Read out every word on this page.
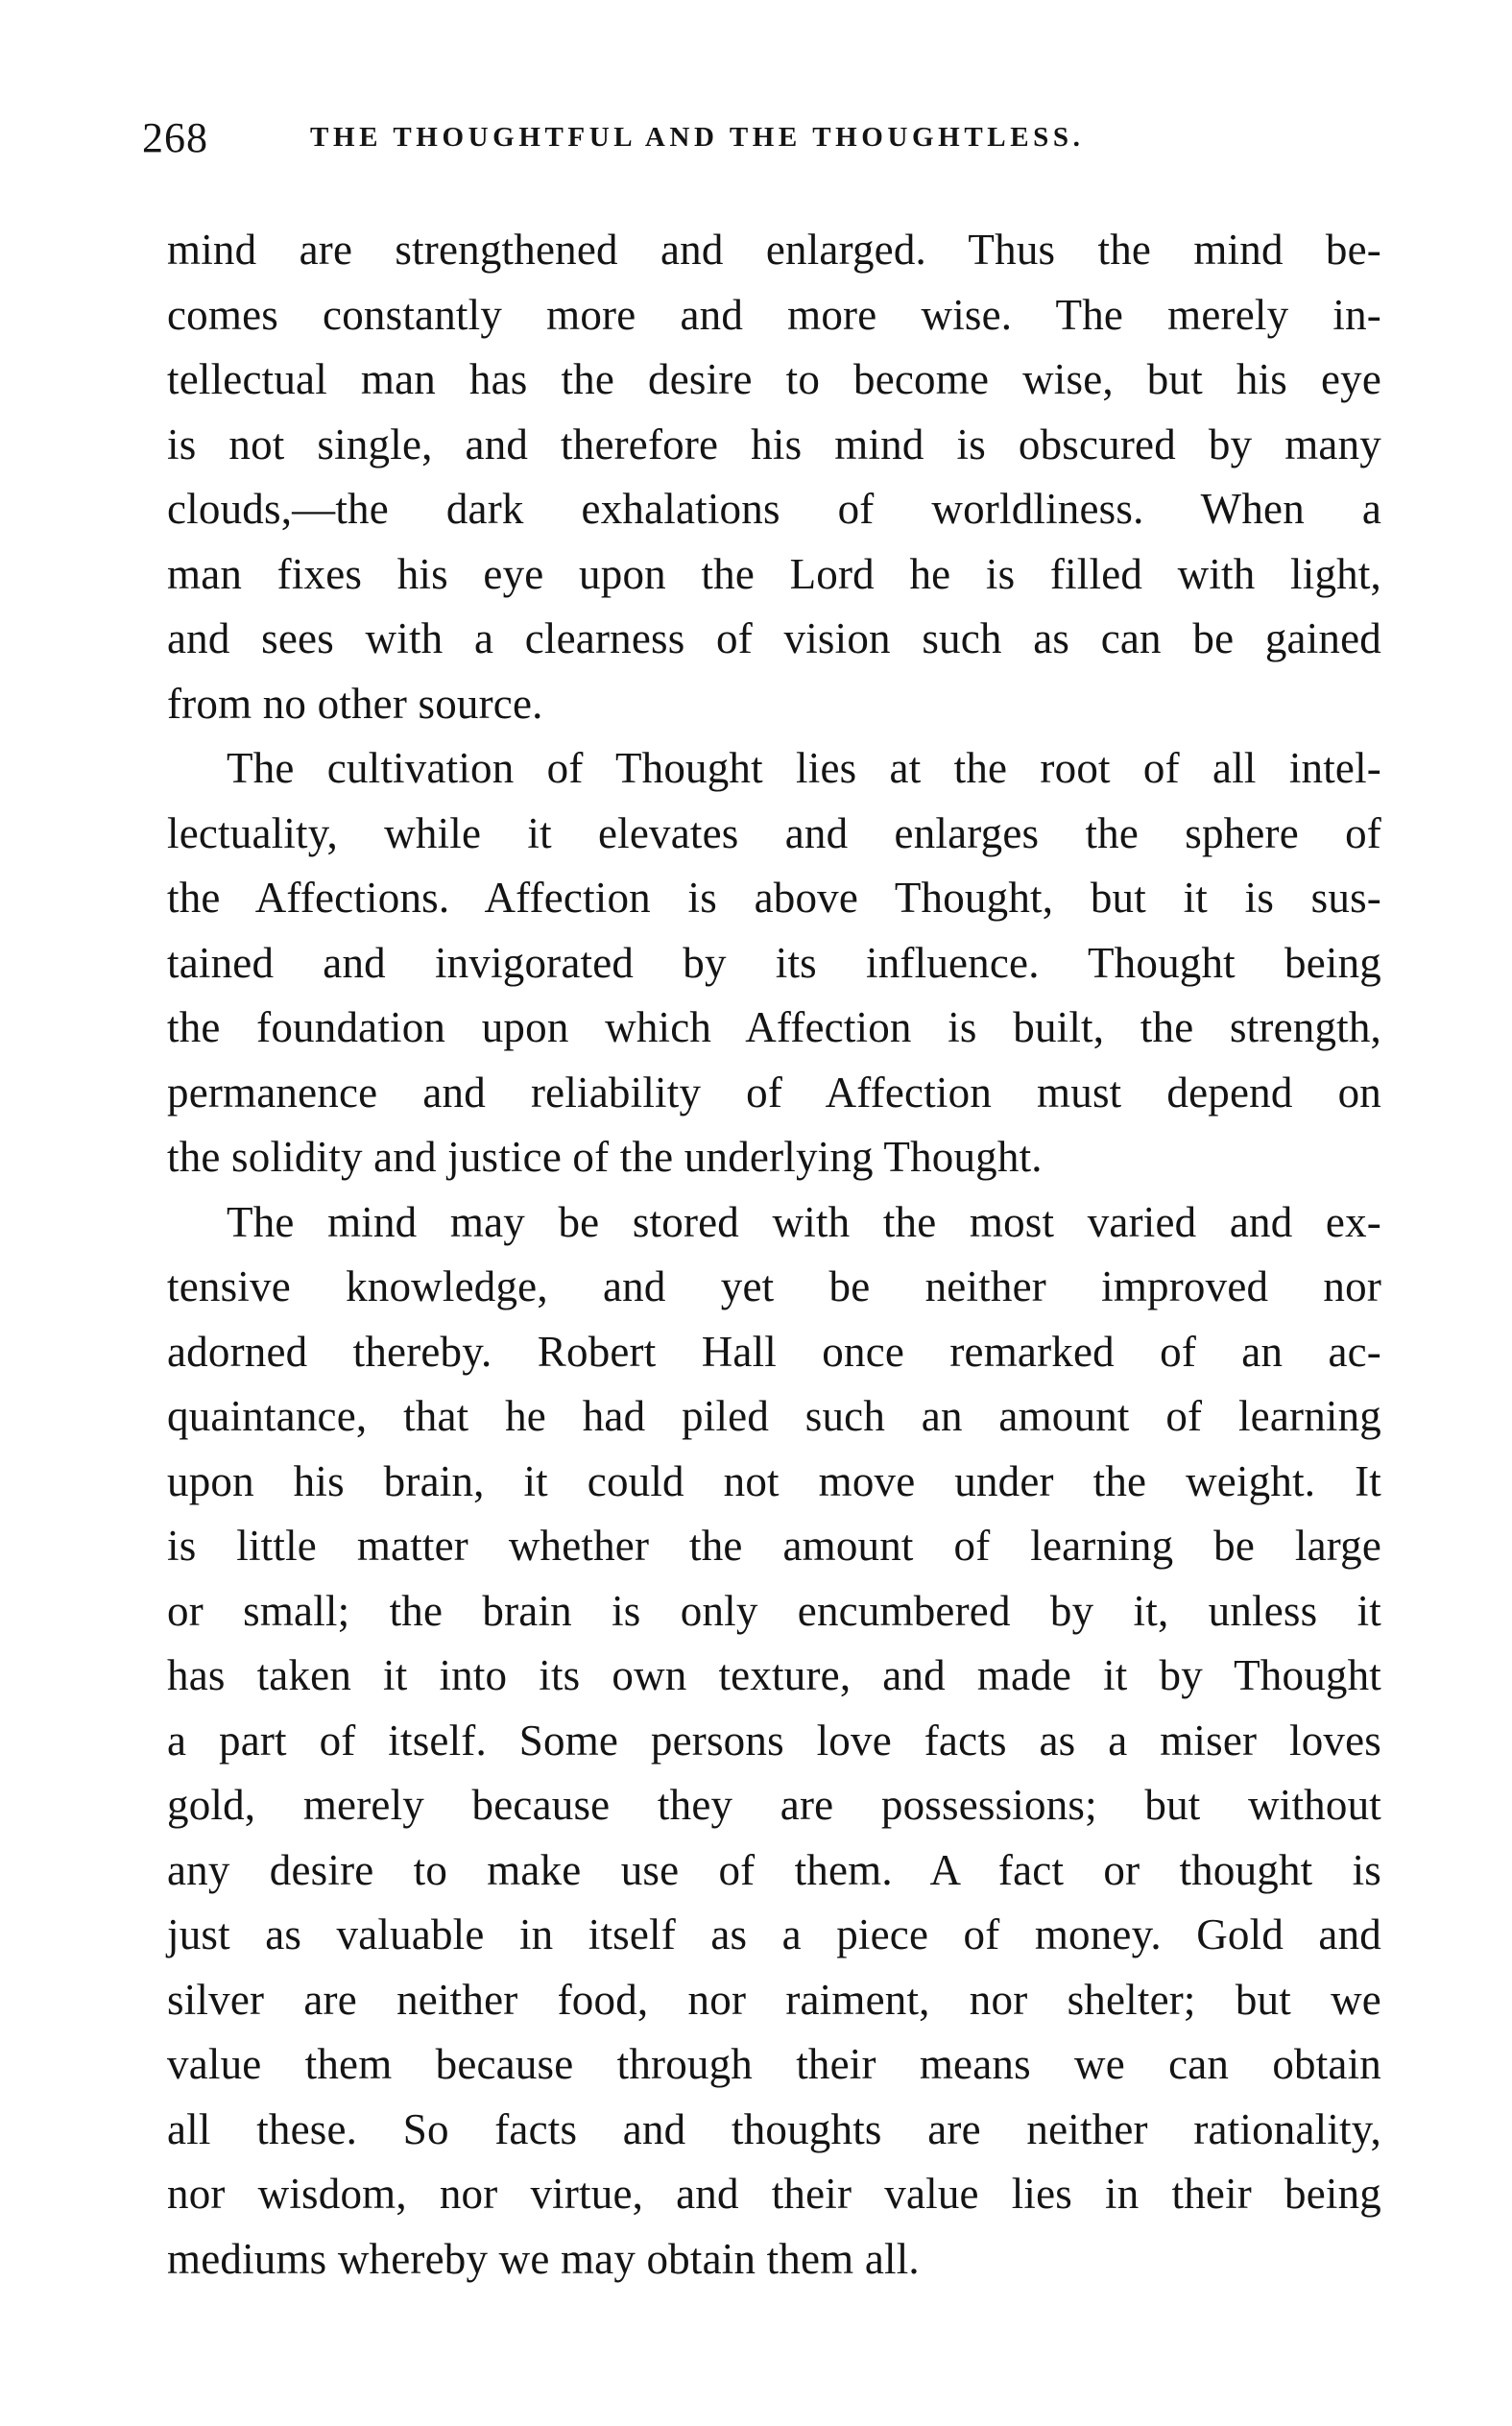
268	THE THOUGHTFUL AND THE THOUGHTLESS.
mind are strengthened and enlarged. Thus the mind be-
comes constantly more and more wise. The merely in-
tellectual man has the desire to become wise, but his eye
is not single, and therefore his mind is obscured by many
clouds,—the dark exhalations of worldliness. When a
man fixes his eye upon the Lord he is filled with light,
and sees with a clearness of vision such as can be gained
from no other source.
The cultivation of Thought lies at the root of all intel-
lectuality, while it elevates and enlarges the sphere of
the Affections. Affection is above Thought, but it is sus-
tained and invigorated by its influence. Thought being
the foundation upon which Affection is built, the strength,
permanence and reliability of Affection must depend on
the solidity and justice of the underlying Thought.
The mind may be stored with the most varied and ex-
tensive knowledge, and yet be neither improved nor
adorned thereby. Robert Hall once remarked of an ac-
quaintance, that he had piled such an amount of learning
upon his brain, it could not move under the weight. It
is little matter whether the amount of learning be large
or small; the brain is only encumbered by it, unless it
has taken it into its own texture, and made it by Thought
a part of itself. Some persons love facts as a miser loves
gold, merely because they are possessions; but without
any desire to make use of them. A fact or thought is
just as valuable in itself as a piece of money. Gold and
silver are neither food, nor raiment, nor shelter; but we
value them because through their means we can obtain
all these. So facts and thoughts are neither rationality,
nor wisdom, nor virtue, and their value lies in their being
mediums whereby we may obtain them all.
